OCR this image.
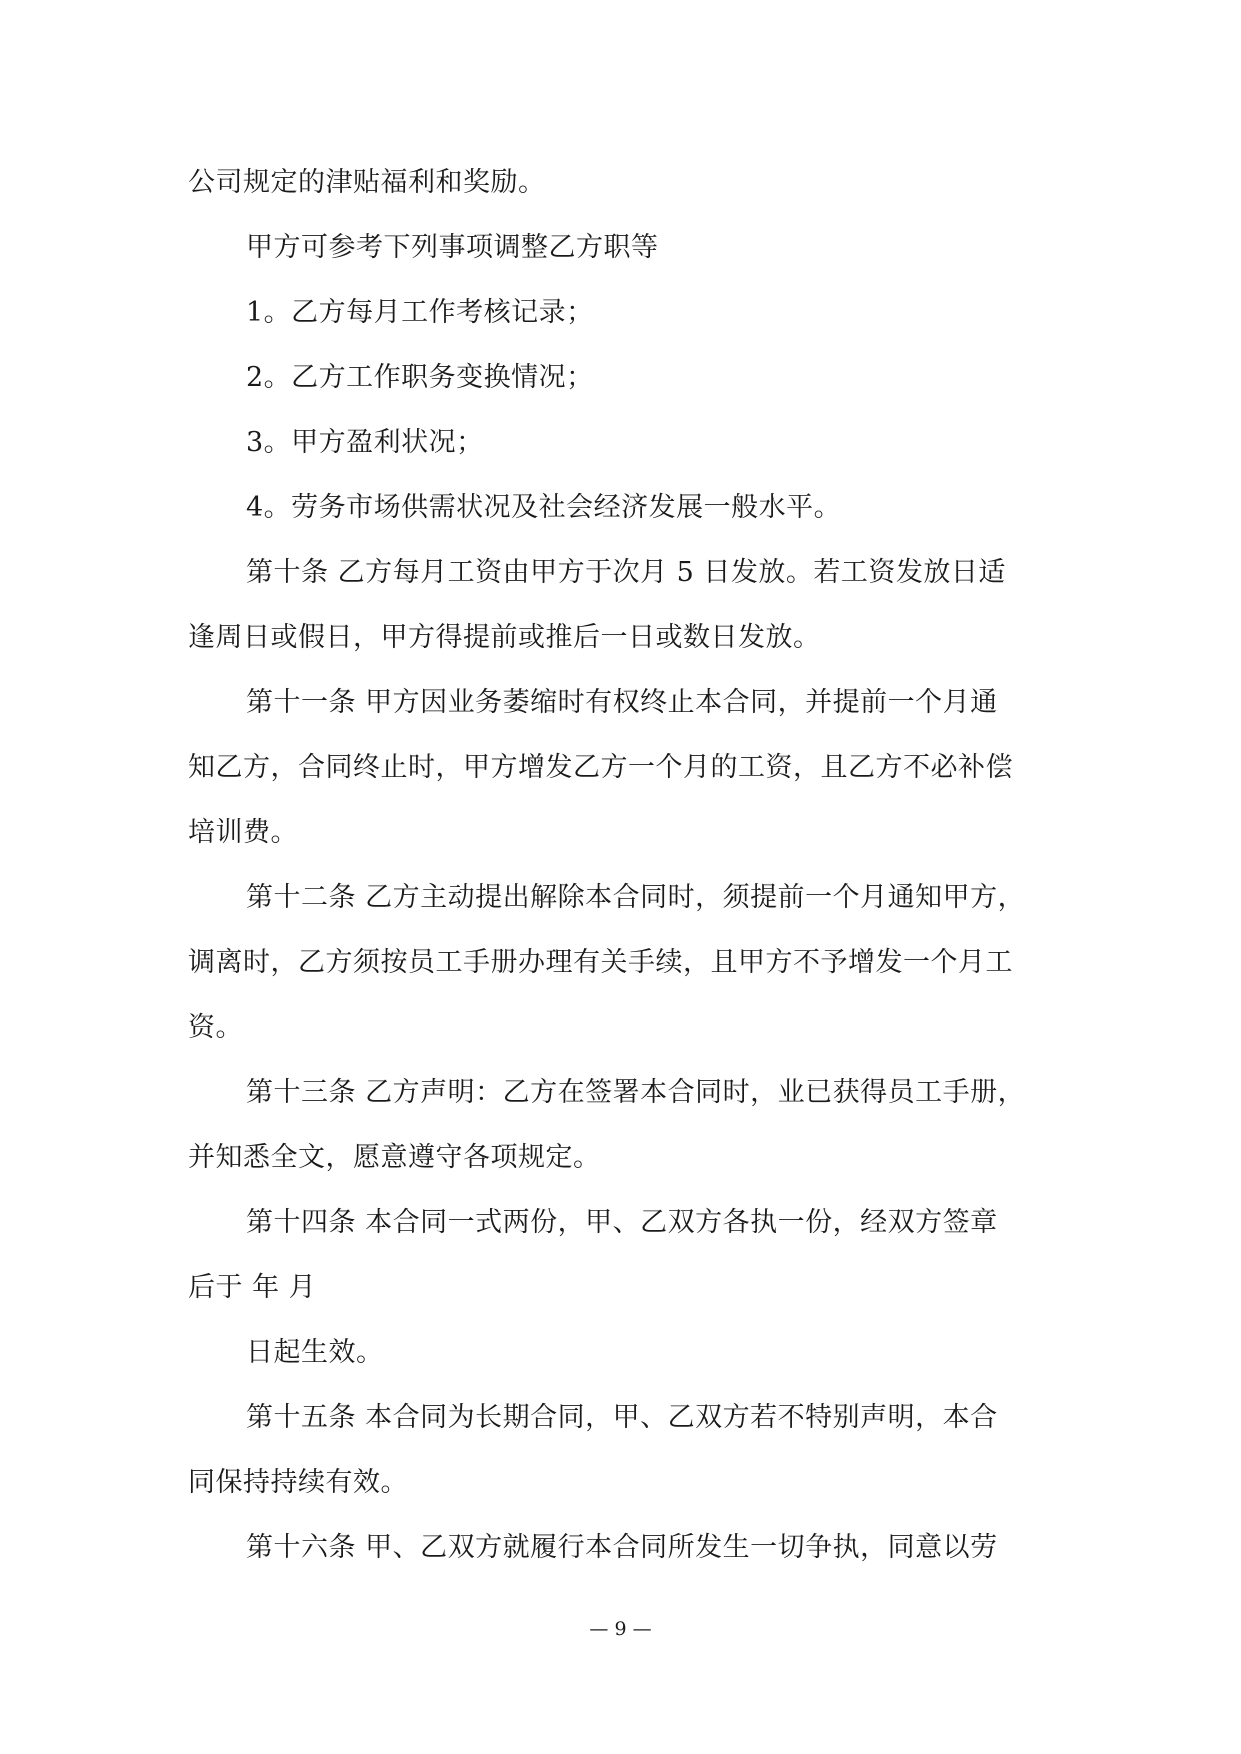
公司规定的津贴福利和奖励。
甲方可参考下列事项调整乙方职等
1。乙方每月工作考核记录；
2。乙方工作职务变换情况；
3。甲方盈利状况；
4。劳务市场供需状况及社会经济发展一般水平。
第十条 乙方每月工资由甲方于次月 5 日发放。若工资发放日适
逢周日或假日，甲方得提前或推后一日或数日发放。
第十一条 甲方因业务萎缩时有权终止本合同，并提前一个月通
知乙方，合同终止时，甲方增发乙方一个月的工资，且乙方不必补偿
培训费。
第十二条 乙方主动提出解除本合同时，须提前一个月通知甲方，
调离时，乙方须按员工手册办理有关手续，且甲方不予增发一个月工
资。
第十三条 乙方声明：乙方在签署本合同时，业已获得员工手册，
并知悉全文，愿意遵守各项规定。
第十四条 本合同一式两份，甲、乙双方各执一份，经双方签章
后于 年 月
日起生效。
第十五条 本合同为长期合同，甲、乙双方若不特别声明，本合
同保持持续有效。
第十六条 甲、乙双方就履行本合同所发生一切争执，同意以劳
— 9 —
